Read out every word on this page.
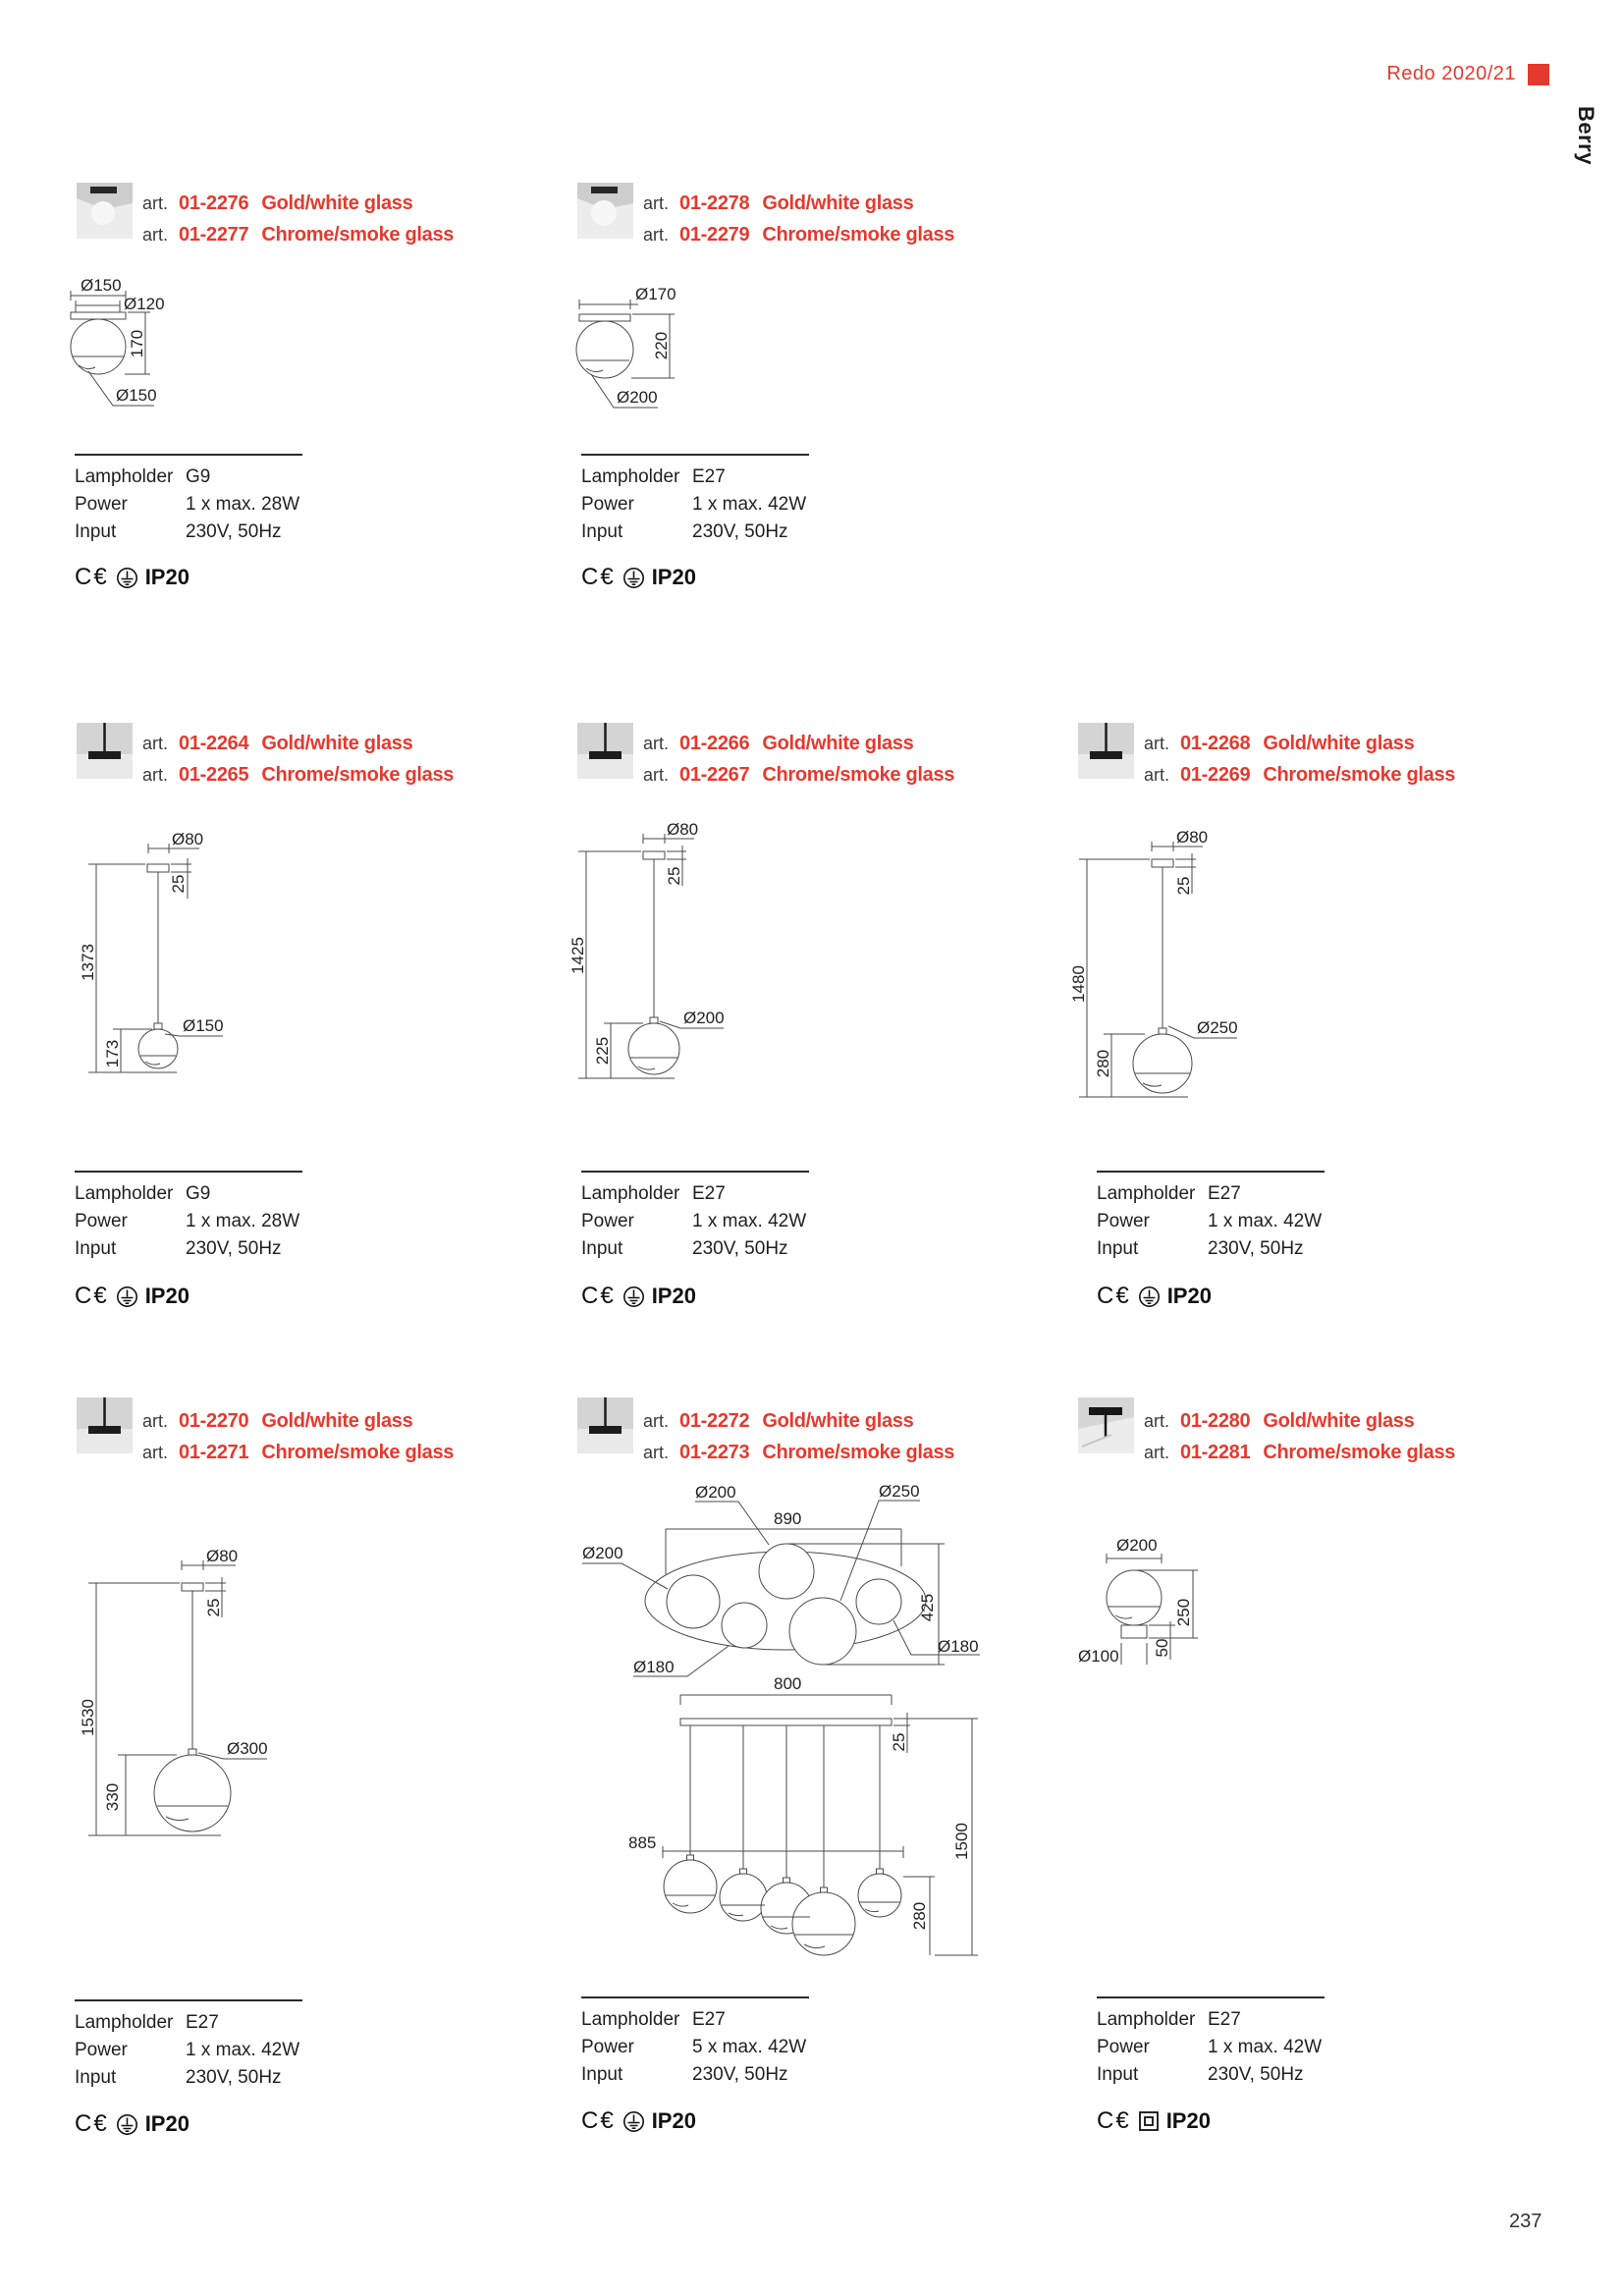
Redo 2020/21
Berry
art. 01-2276 Gold/white glass
art. 01-2277 Chrome/smoke glass
Ø150
Ø120
170
Ø150
Lampholder G9
Power	1 x max. 28W
Input	230V, 50Hz
C€ IP20
art. 01-2278 Gold/white glass
art. 01-2279 Chrome/smoke glass
Ø170
220
Ø200
Lampholder E27
Power	1 x max. 42W
Input	230V, 50Hz
C€ IP20
art. 01-2264 Gold/white glass
art. 01-2265 Chrome/smoke glass
Ø80
25
1373
173
Ø150
Lampholder G9
Power	1 x max. 28W
Input	230V, 50Hz
C€ IP20
art. 01-2266 Gold/white glass
art. 01-2267 Chrome/smoke glass
Ø80
25
1425
225
Ø200
Lampholder E27
Power	1 x max. 42W
Input	230V, 50Hz
C€ IP20
art. 01-2268 Gold/white glass
art. 01-2269 Chrome/smoke glass
Ø80
25
1480
280
Ø250
Lampholder E27
Power	1 x max. 42W
Input	230V, 50Hz
C€ IP20
art. 01-2270 Gold/white glass
art. 01-2271 Chrome/smoke glass
Ø80
25
1530
330
Ø300
Lampholder E27
Power	1 x max. 42W
Input	230V, 50Hz
C€ IP20
art. 01-2272 Gold/white glass
art. 01-2273 Chrome/smoke glass
Ø200
890
Ø250
Ø200
425
Ø180
Ø180
800
25
1500
885
280
Lampholder E27
Power	5 x max. 42W
Input	230V, 50Hz
C€ IP20
art. 01-2280 Gold/white glass
art. 01-2281 Chrome/smoke glass
Ø200
250
50
Ø100
Lampholder E27
Power	1 x max. 42W
Input	230V, 50Hz
C€ IP20
237
